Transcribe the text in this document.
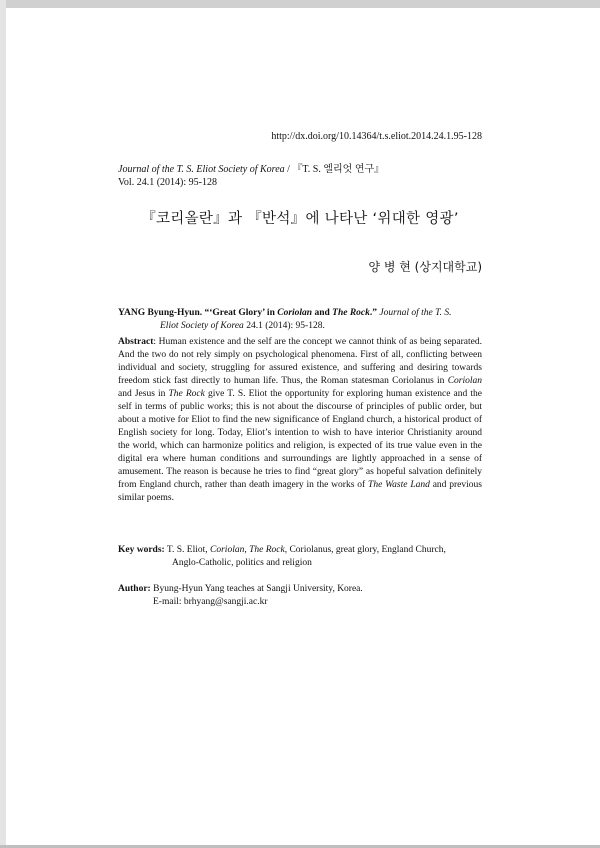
http://dx.doi.org/10.14364/t.s.eliot.2014.24.1.95-128
Journal of the T. S. Eliot Society of Korea / 『T. S. 엘리엇 연구』
Vol. 24.1 (2014): 95-128
『코리올란』과 『반석』에 나타난 ‘위대한 영광’
양 병 현 (상지대학교)
YANG Byung-Hyun. “‘Great Glory’ in Coriolan and The Rock.” Journal of the T. S.
Eliot Society of Korea 24.1 (2014): 95-128.
Abstract: Human existence and the self are the concept we cannot think of as being separated. And the two do not rely simply on psychological phenomena. First of all, conflicting between individual and society, struggling for assured existence, and suffering and desiring towards freedom stick fast directly to human life. Thus, the Roman statesman Coriolanus in Coriolan and Jesus in The Rock give T. S. Eliot the opportunity for exploring human existence and the self in terms of public works; this is not about the discourse of principles of public order, but about a motive for Eliot to find the new significance of England church, a historical product of English society for long. Today, Eliot’s intention to wish to have interior Christianity around the world, which can harmonize politics and religion, is expected of its true value even in the digital era where human conditions and surroundings are lightly approached in a sense of amusement. The reason is because he tries to find “great glory” as hopeful salvation definitely from England church, rather than death imagery in the works of The Waste Land and previous similar poems.
Key words: T. S. Eliot, Coriolan, The Rock, Coriolanus, great glory, England Church,
Anglo-Catholic, politics and religion
Author: Byung-Hyun Yang teaches at Sangji University, Korea.
E-mail: brhyang@sangji.ac.kr
